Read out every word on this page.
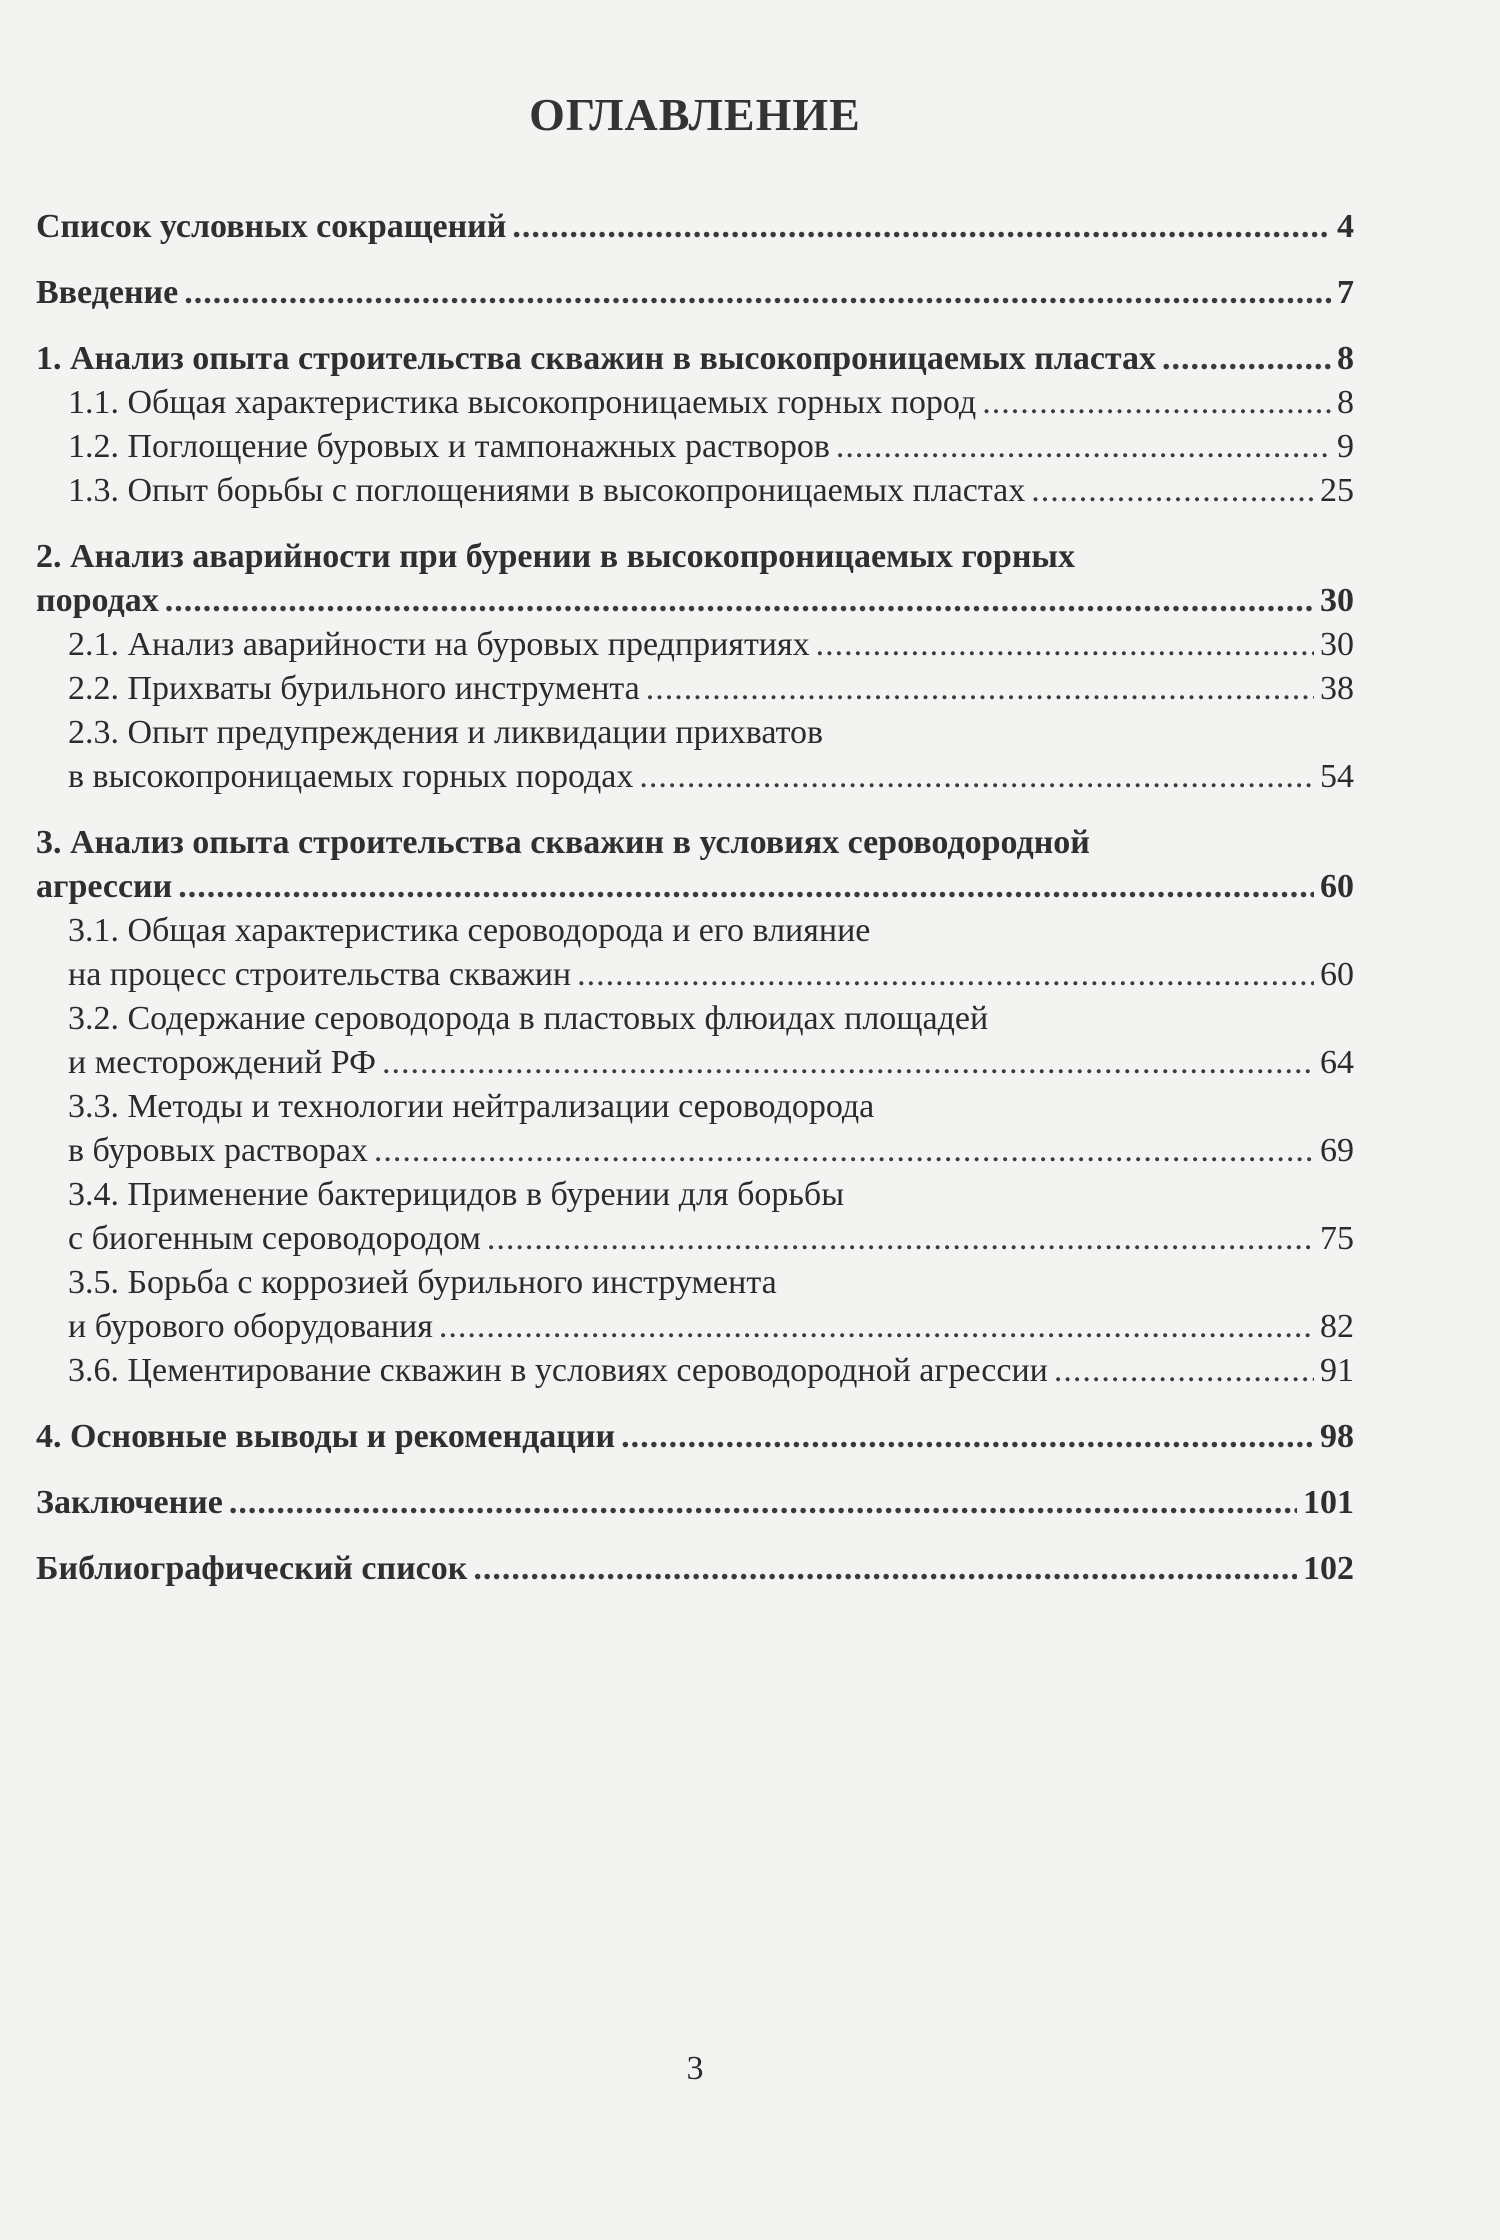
ОГЛАВЛЕНИЕ
Список условных сокращений .....	4
Введение .....	7
1. Анализ опыта строительства скважин в высокопроницаемых пластах .....	8
1.1. Общая характеристика высокопроницаемых горных пород .....	8
1.2. Поглощение буровых и тампонажных растворов .....	9
1.3. Опыт борьбы с поглощениями в высокопроницаемых пластах .....	25
2. Анализ аварийности при бурении в высокопроницаемых горных
породах .....	30
2.1. Анализ аварийности на буровых предприятиях .....	30
2.2. Прихваты бурильного инструмента .....	38
2.3. Опыт предупреждения и ликвидации прихватов
в высокопроницаемых горных породах .....	54
3. Анализ опыта строительства скважин в условиях сероводородной
агрессии .....	60
3.1. Общая характеристика сероводорода и его влияние
на процесс строительства скважин .....	60
3.2. Содержание сероводорода в пластовых флюидах площадей
и месторождений РФ .....	64
3.3. Методы и технологии нейтрализации сероводорода
в буровых растворах .....	69
3.4. Применение бактерицидов в бурении для борьбы
с биогенным сероводородом .....	75
3.5. Борьба с коррозией бурильного инструмента
и бурового оборудования .....	82
3.6. Цементирование скважин в условиях сероводородной агрессии .....	91
4. Основные выводы и рекомендации .....	98
Заключение .....	101
Библиографический список .....	102
3
